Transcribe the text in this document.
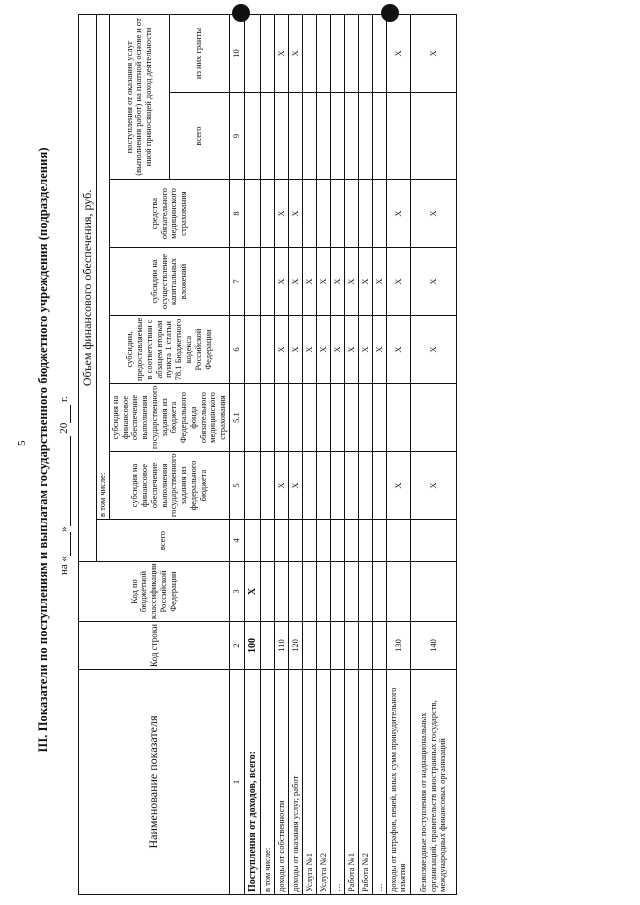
5 III. Показатели по поступлениям и выплатам государственного бюджетного учреждения (подразделения) на « »  20  г.
Наименование показателя	Код строки	Код по бюджетной классификации Российской Федерации	Объем финансового обеспечения, руб.							
			всего	в том числе:						
				субсидия на финансовое обеспечение выполнения государственного задания из федерального бюджета	субсидия на финансовое обеспечение выполнения государственного задания из бюджета Федерального фонда обязательного медицинского страхования	субсидии, предоставляемые в соответствии с абзацем вторым пункта 1 статьи 78.1 Бюджетного кодекса Российской Федерации	субсидии на осуществление капитальных вложений	средства обязательного медицинского страхования	поступления от оказания услуг (выполнения работ) на платной основе и от иной приносящей доход деятельности	
									всего	из них гранты

1	2	3	4	5	5.1	6	7	8	9	10
Поступления от доходов, всего:	100	X								
в том числе:										
доходы от собственности	110			X		X	X	X		X
доходы от оказания услуг, работ	120			X		X	X	X		X
Услуга №1						X	X			
Услуга №2						X	X			
…						X	X			
Работа №1						X	X			
Работа №2						X	X			
…						X	X			
доходы от штрафов, пеней, иных сумм принудительного изъятия	130			X		X	X	X		X
безвозмездные поступления от наднациональных организаций, правительств иностранных государств, международных финансовых организаций	140			X		X	X	X		X
